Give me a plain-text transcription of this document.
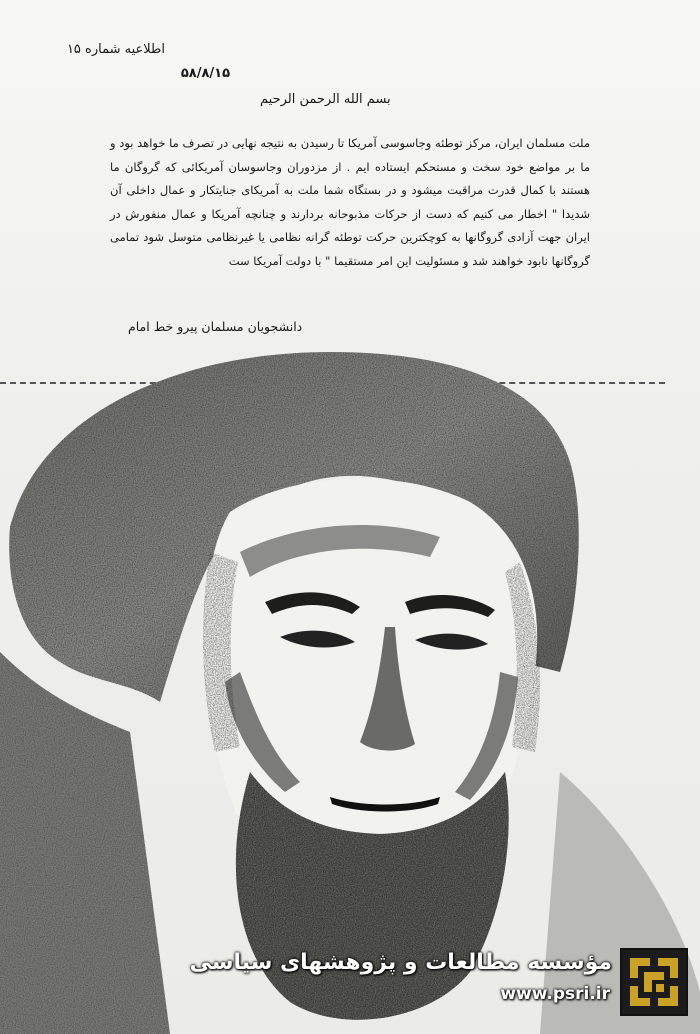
اطلاعیه شماره ۱۵
۵۸/۸/۱۵
بسم الله الرحمن الرحیم
ملت مسلمان ایران، مرکز توطئه وجاسوسی آمریکا تا رسیدن به نتیجه نهایی در تصرف ما خواهد بود و ما بر مواضع خود سخت و مستحکم ایستاده ایم . از مزدوران وجاسوسان آمریکائی که گروگان ما هستند با کمال قدرت مراقبت میشود و در بستگاه شما ملت به آمریکای جنایتکار و عمال داخلی آن شدیدا " اخطار می کنیم که دست از حرکات مذبوحانه بردارند و چنانچه آمریکا و عمال منفورش در ایران جهت آزادی گروگانها به کوچکترین حرکت توطئه گرانه نظامی یا غیرنظامی متوسل شود تمامی گروگانها نابود خواهند شد و مسئولیت این امر مستقیما " با دولت آمریکا ست
دانشجویان مسلمان پیرو خط امام
مؤسسه مطالعات و پژوهشهای سیاسی
www.psri.ir
